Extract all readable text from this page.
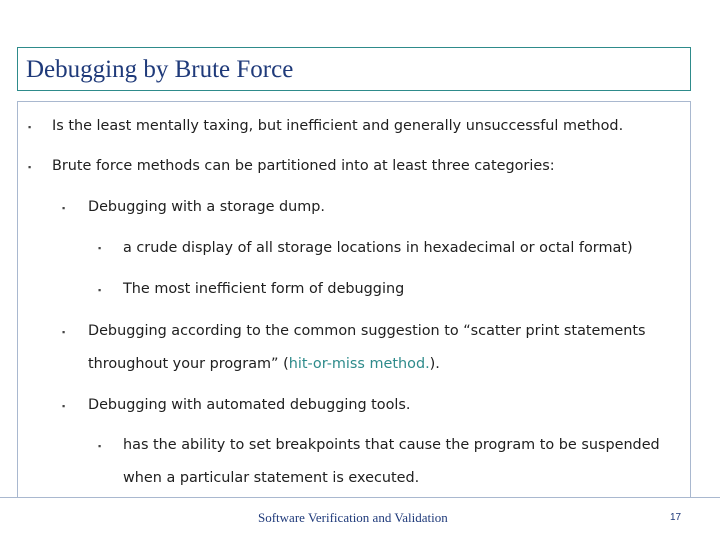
Debugging by Brute Force
▪ Is the least mentally taxing, but inefficient and generally unsuccessful method.
▪ Brute force methods can be partitioned into at least three categories:
▪ Debugging with a storage dump.
▪ a crude display of all storage locations in hexadecimal or octal format)
▪ The most inefficient form of debugging
▪ Debugging according to the common suggestion to “scatter print statements
throughout your program” (hit-or-miss method.).
▪ Debugging with automated debugging tools.
▪ has the ability to set breakpoints that cause the program to be suspended
when a particular statement is executed.
Software Verification and Validation	17
